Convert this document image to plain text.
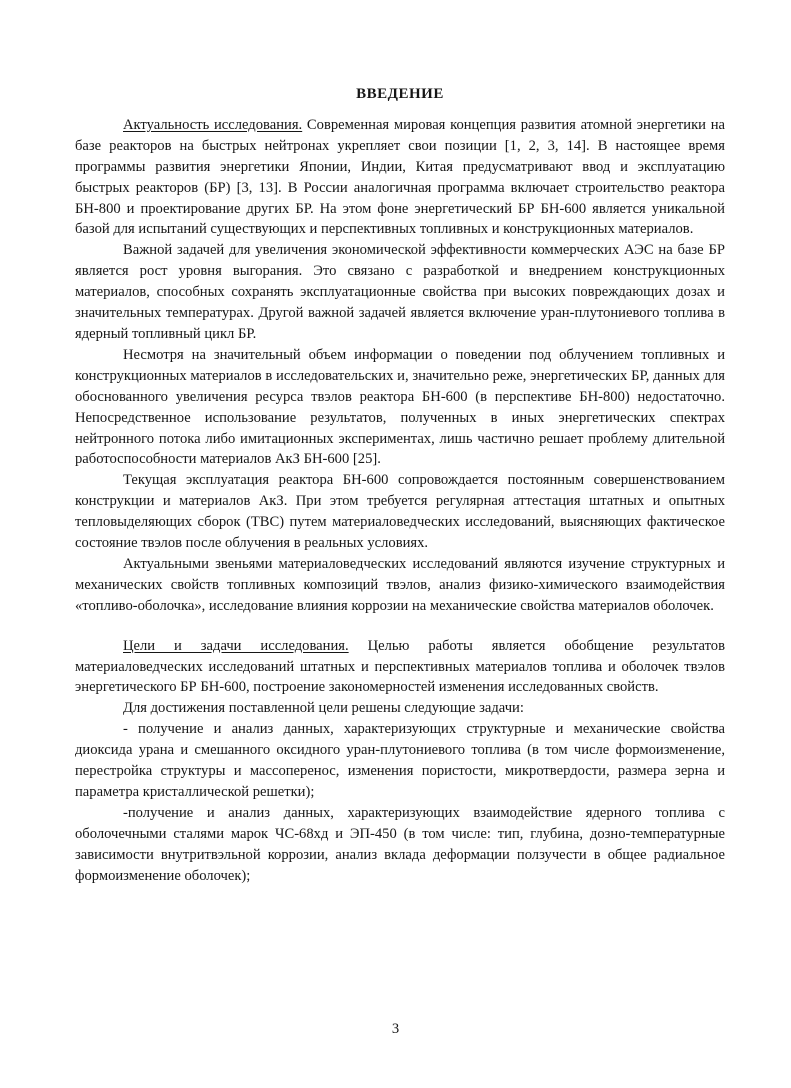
ВВЕДЕНИЕ

Актуальность исследования. Современная мировая концепция развития атомной энергетики на базе реакторов на быстрых нейтронах укрепляет свои позиции [1, 2, 3, 14]. В настоящее время программы развития энергетики Японии, Индии, Китая предусматривают ввод и эксплуатацию быстрых реакторов (БР) [3, 13]. В России аналогичная программа включает строительство реактора БН-800 и проектирование других БР. На этом фоне энергетический БР БН-600 является уникальной базой для испытаний существующих и перспективных топливных и конструкционных материалов.

Важной задачей для увеличения экономической эффективности коммерческих АЭС на базе БР является рост уровня выгорания. Это связано с разработкой и внедрением конструкционных материалов, способных сохранять эксплуатационные свойства при высоких повреждающих дозах и значительных температурах. Другой важной задачей является включение уран-плутониевого топлива в ядерный топливный цикл БР.

Несмотря на значительный объем информации о поведении под облучением топливных и конструкционных материалов в исследовательских и, значительно реже, энергетических БР, данных для обоснованного увеличения ресурса твэлов реактора БН-600 (в перспективе БН-800) недостаточно. Непосредственное использование результатов, полученных в иных энергетических спектрах нейтронного потока либо имитационных экспериментах, лишь частично решает проблему длительной работоспособности материалов АкЗ БН-600 [25].

Текущая эксплуатация реактора БН-600 сопровождается постоянным совершенствованием конструкции и материалов АкЗ. При этом требуется регулярная аттестация штатных и опытных тепловыделяющих сборок (ТВС) путем материаловедческих исследований, выясняющих фактическое состояние твэлов после облучения в реальных условиях.

Актуальными звеньями материаловедческих исследований являются изучение структурных и механических свойств топливных композиций твэлов, анализ физико-химического взаимодействия «топливо-оболочка», исследование влияния коррозии на механические свойства материалов оболочек.

Цели и задачи исследования. Целью работы является обобщение результатов материаловедческих исследований штатных и перспективных материалов топлива и оболочек твэлов энергетического БР БН-600, построение закономерностей изменения исследованных свойств.

Для достижения поставленной цели решены следующие задачи:

- получение и анализ данных, характеризующих структурные и механические свойства диоксида урана и смешанного оксидного уран-плутониевого топлива (в том числе формоизменение, перестройка структуры и массоперенос, изменения пористости, микротвердости, размера зерна и параметра кристаллической решетки);

-получение и анализ данных, характеризующих взаимодействие ядерного топлива с оболочечными сталями марок ЧС-68хд и ЭП-450 (в том числе: тип, глубина, дозно-температурные зависимости внутритвэльной коррозии, анализ вклада деформации ползучести в общее радиальное формоизменение оболочек);

3
